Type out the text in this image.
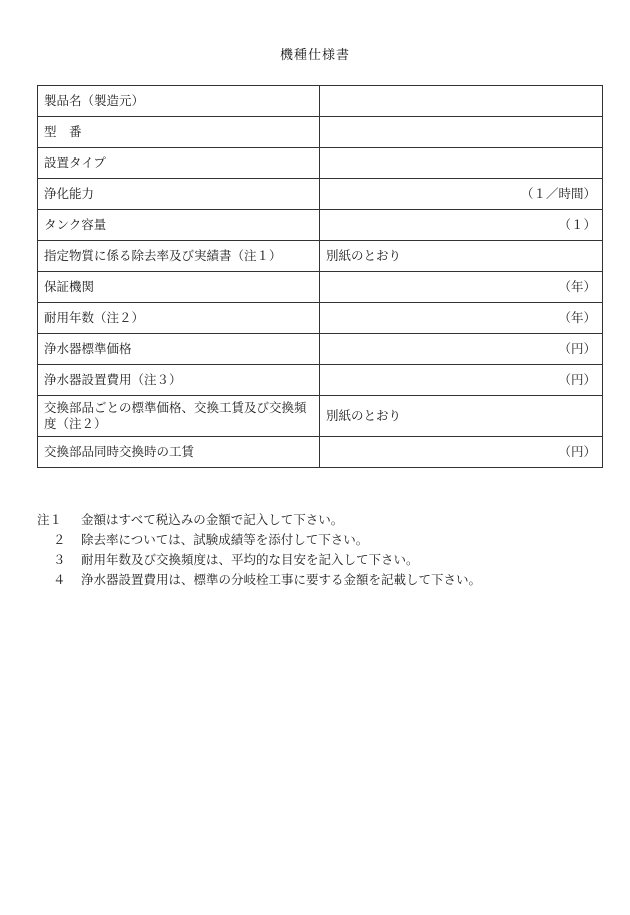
機種仕様書
製品名（製造元）	
型　番	
設置タイプ	
浄化能力	（１／時間）
タンク容量	（１）
指定物質に係る除去率及び実績書（注１）	別紙のとおり
保証機関	（年）
耐用年数（注２）	（年）
浄水器標準価格	（円）
浄水器設置費用（注３）	（円）
交換部品ごとの標準価格、交換工賃及び交換頻度（注２）	別紙のとおり
交換部品同時交換時の工賃	（円）
注１	金額はすべて税込みの金額で記入して下さい。
２	除去率については、試験成績等を添付して下さい。
３	耐用年数及び交換頻度は、平均的な目安を記入して下さい。
４	浄水器設置費用は、標準の分岐栓工事に要する金額を記載して下さい。
